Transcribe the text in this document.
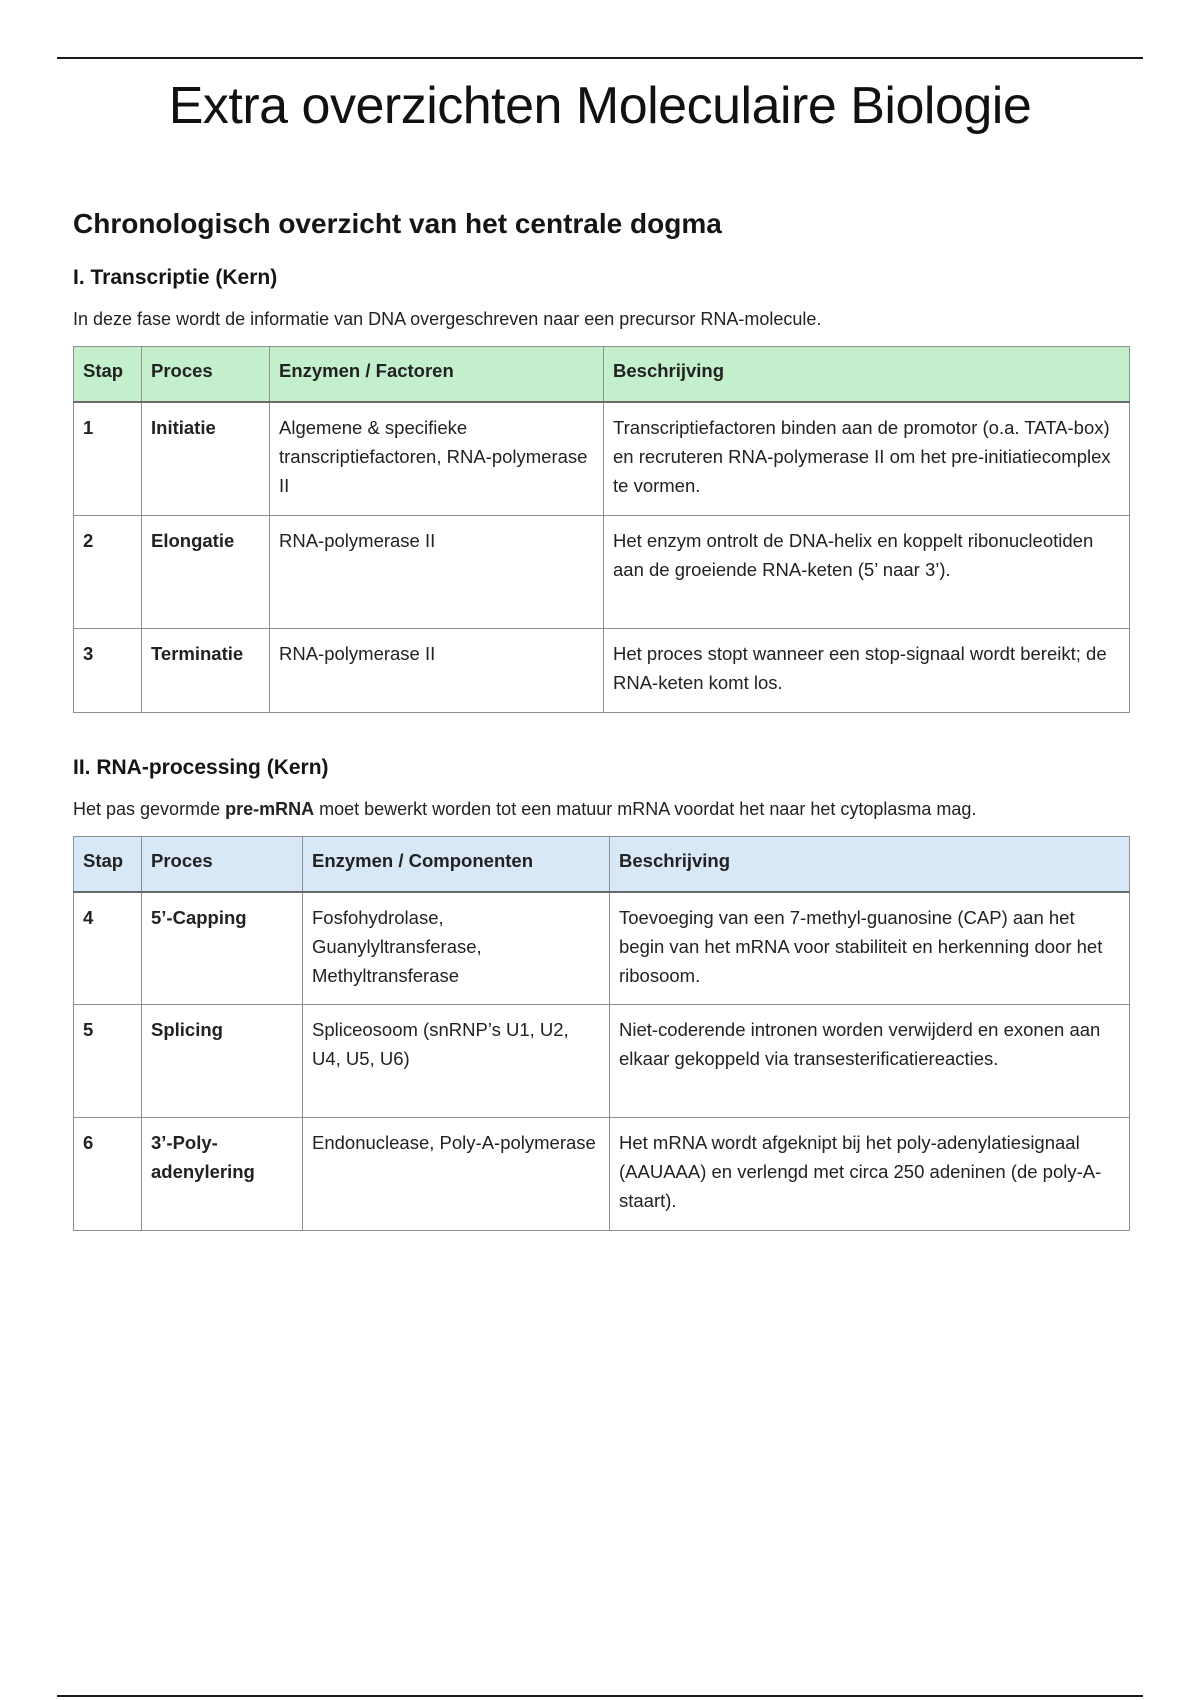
Extra overzichten Moleculaire Biologie
Chronologisch overzicht van het centrale dogma
I. Transcriptie (Kern)

In deze fase wordt de informatie van DNA overgeschreven naar een precursor RNA-molecule.

Stap	Proces	Enzymen / Factoren	Beschrijving
1	Initiatie	Algemene & specifieke transcriptiefactoren, RNA-polymerase II	Transcriptiefactoren binden aan de promotor (o.a. TATA-box) en recruteren RNA-polymerase II om het pre-initiatiecomplex te vormen.
2	Elongatie	RNA-polymerase II	Het enzym ontrolt de DNA-helix en koppelt ribonucleotiden aan de groeiende RNA-keten (5’ naar 3’).
3	Terminatie	RNA-polymerase II	Het proces stopt wanneer een stop-signaal wordt bereikt; de RNA-keten komt los.
II. RNA-processing (Kern)

Het pas gevormde pre-mRNA moet bewerkt worden tot een matuur mRNA voordat het naar het cytoplasma mag.

Stap	Proces	Enzymen / Componenten	Beschrijving
4	5’-Capping	Fosfohydrolase, Guanylyltransferase, Methyltransferase	Toevoeging van een 7-methyl-guanosine (CAP) aan het begin van het mRNA voor stabiliteit en herkenning door het ribosoom.
5	Splicing	Spliceosoom (snRNP’s U1, U2, U4, U5, U6)	Niet-coderende intronen worden verwijderd en exonen aan elkaar gekoppeld via transesterificatiereacties.
6	3’-Poly-adenylering	Endonuclease, Poly-A-polymerase	Het mRNA wordt afgeknipt bij het poly-adenylatiesignaal (AAUAAA) en verlengd met circa 250 adeninen (de poly-A-staart).
